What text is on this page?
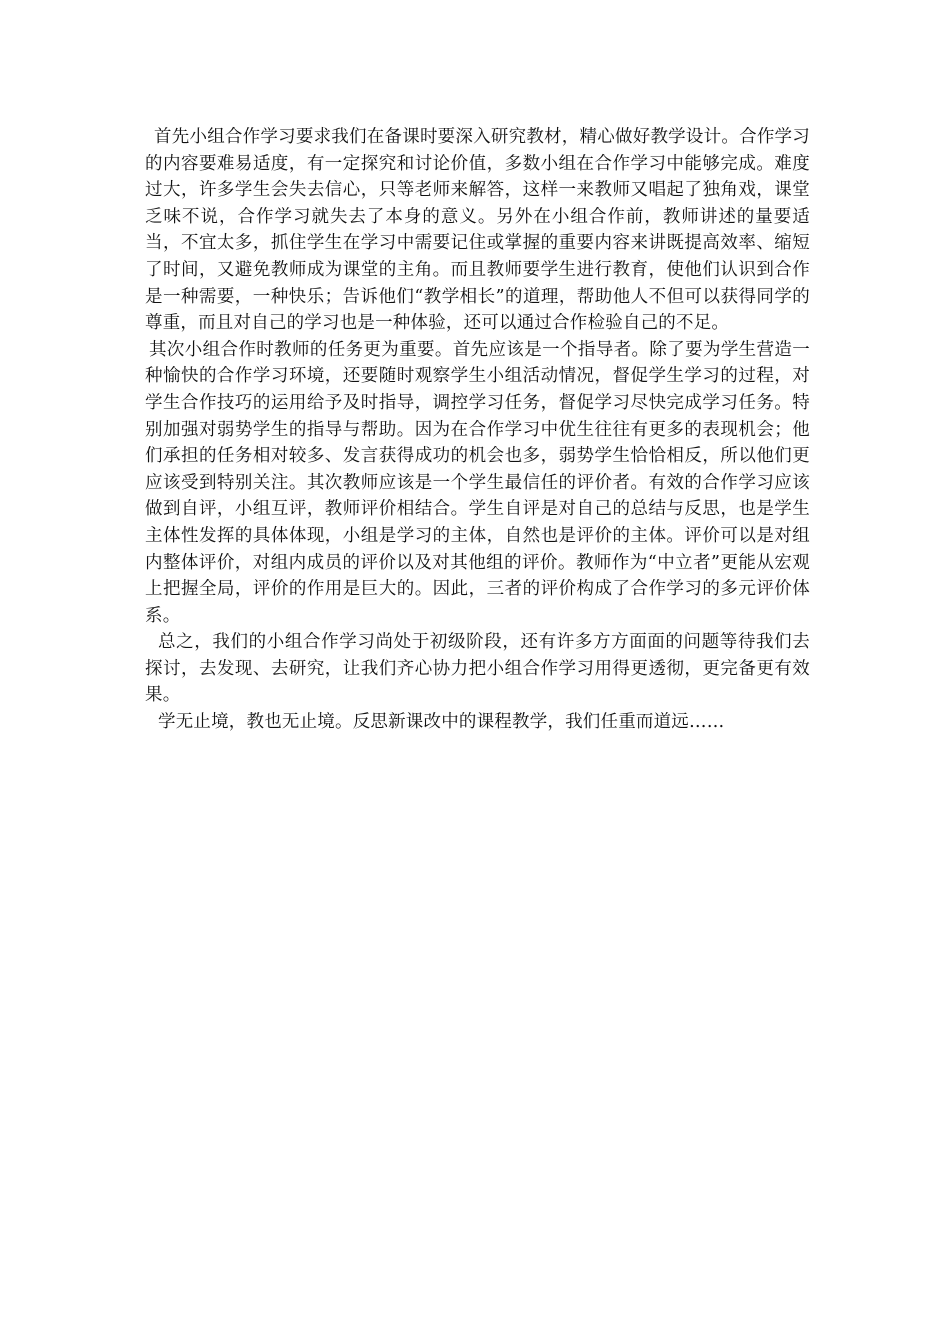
首先小组合作学习要求我们在备课时要深入研究教材，精心做好教学设计。合作学习的内容要难易适度，有一定探究和讨论价值，多数小组在合作学习中能够完成。难度过大，许多学生会失去信心，只等老师来解答，这样一来教师又唱起了独角戏，课堂乏味不说，合作学习就失去了本身的意义。另外在小组合作前，教师讲述的量要适当，不宜太多，抓住学生在学习中需要记住或掌握的重要内容来讲既提高效率、缩短了时间，又避免教师成为课堂的主角。而且教师要学生进行教育，使他们认识到合作是一种需要，一种快乐；告诉他们“教学相长”的道理，帮助他人不但可以获得同学的尊重，而且对自己的学习也是一种体验，还可以通过合作检验自己的不足。

其次小组合作时教师的任务更为重要。首先应该是一个指导者。除了要为学生营造一种愉快的合作学习环境，还要随时观察学生小组活动情况，督促学生学习的过程，对学生合作技巧的运用给予及时指导，调控学习任务，督促学习尽快完成学习任务。特别加强对弱势学生的指导与帮助。因为在合作学习中优生往往有更多的表现机会；他们承担的任务相对较多、发言获得成功的机会也多，弱势学生恰恰相反，所以他们更应该受到特别关注。其次教师应该是一个学生最信任的评价者。有效的合作学习应该做到自评，小组互评，教师评价相结合。学生自评是对自己的总结与反思，也是学生主体性发挥的具体体现，小组是学习的主体，自然也是评价的主体。评价可以是对组内整体评价，对组内成员的评价以及对其他组的评价。教师作为“中立者”更能从宏观上把握全局，评价的作用是巨大的。因此，三者的评价构成了合作学习的多元评价体系。

总之，我们的小组合作学习尚处于初级阶段，还有许多方方面面的问题等待我们去探讨，去发现、去研究，让我们齐心协力把小组合作学习用得更透彻，更完备更有效果。

学无止境，教也无止境。反思新课改中的课程教学，我们任重而道远……
